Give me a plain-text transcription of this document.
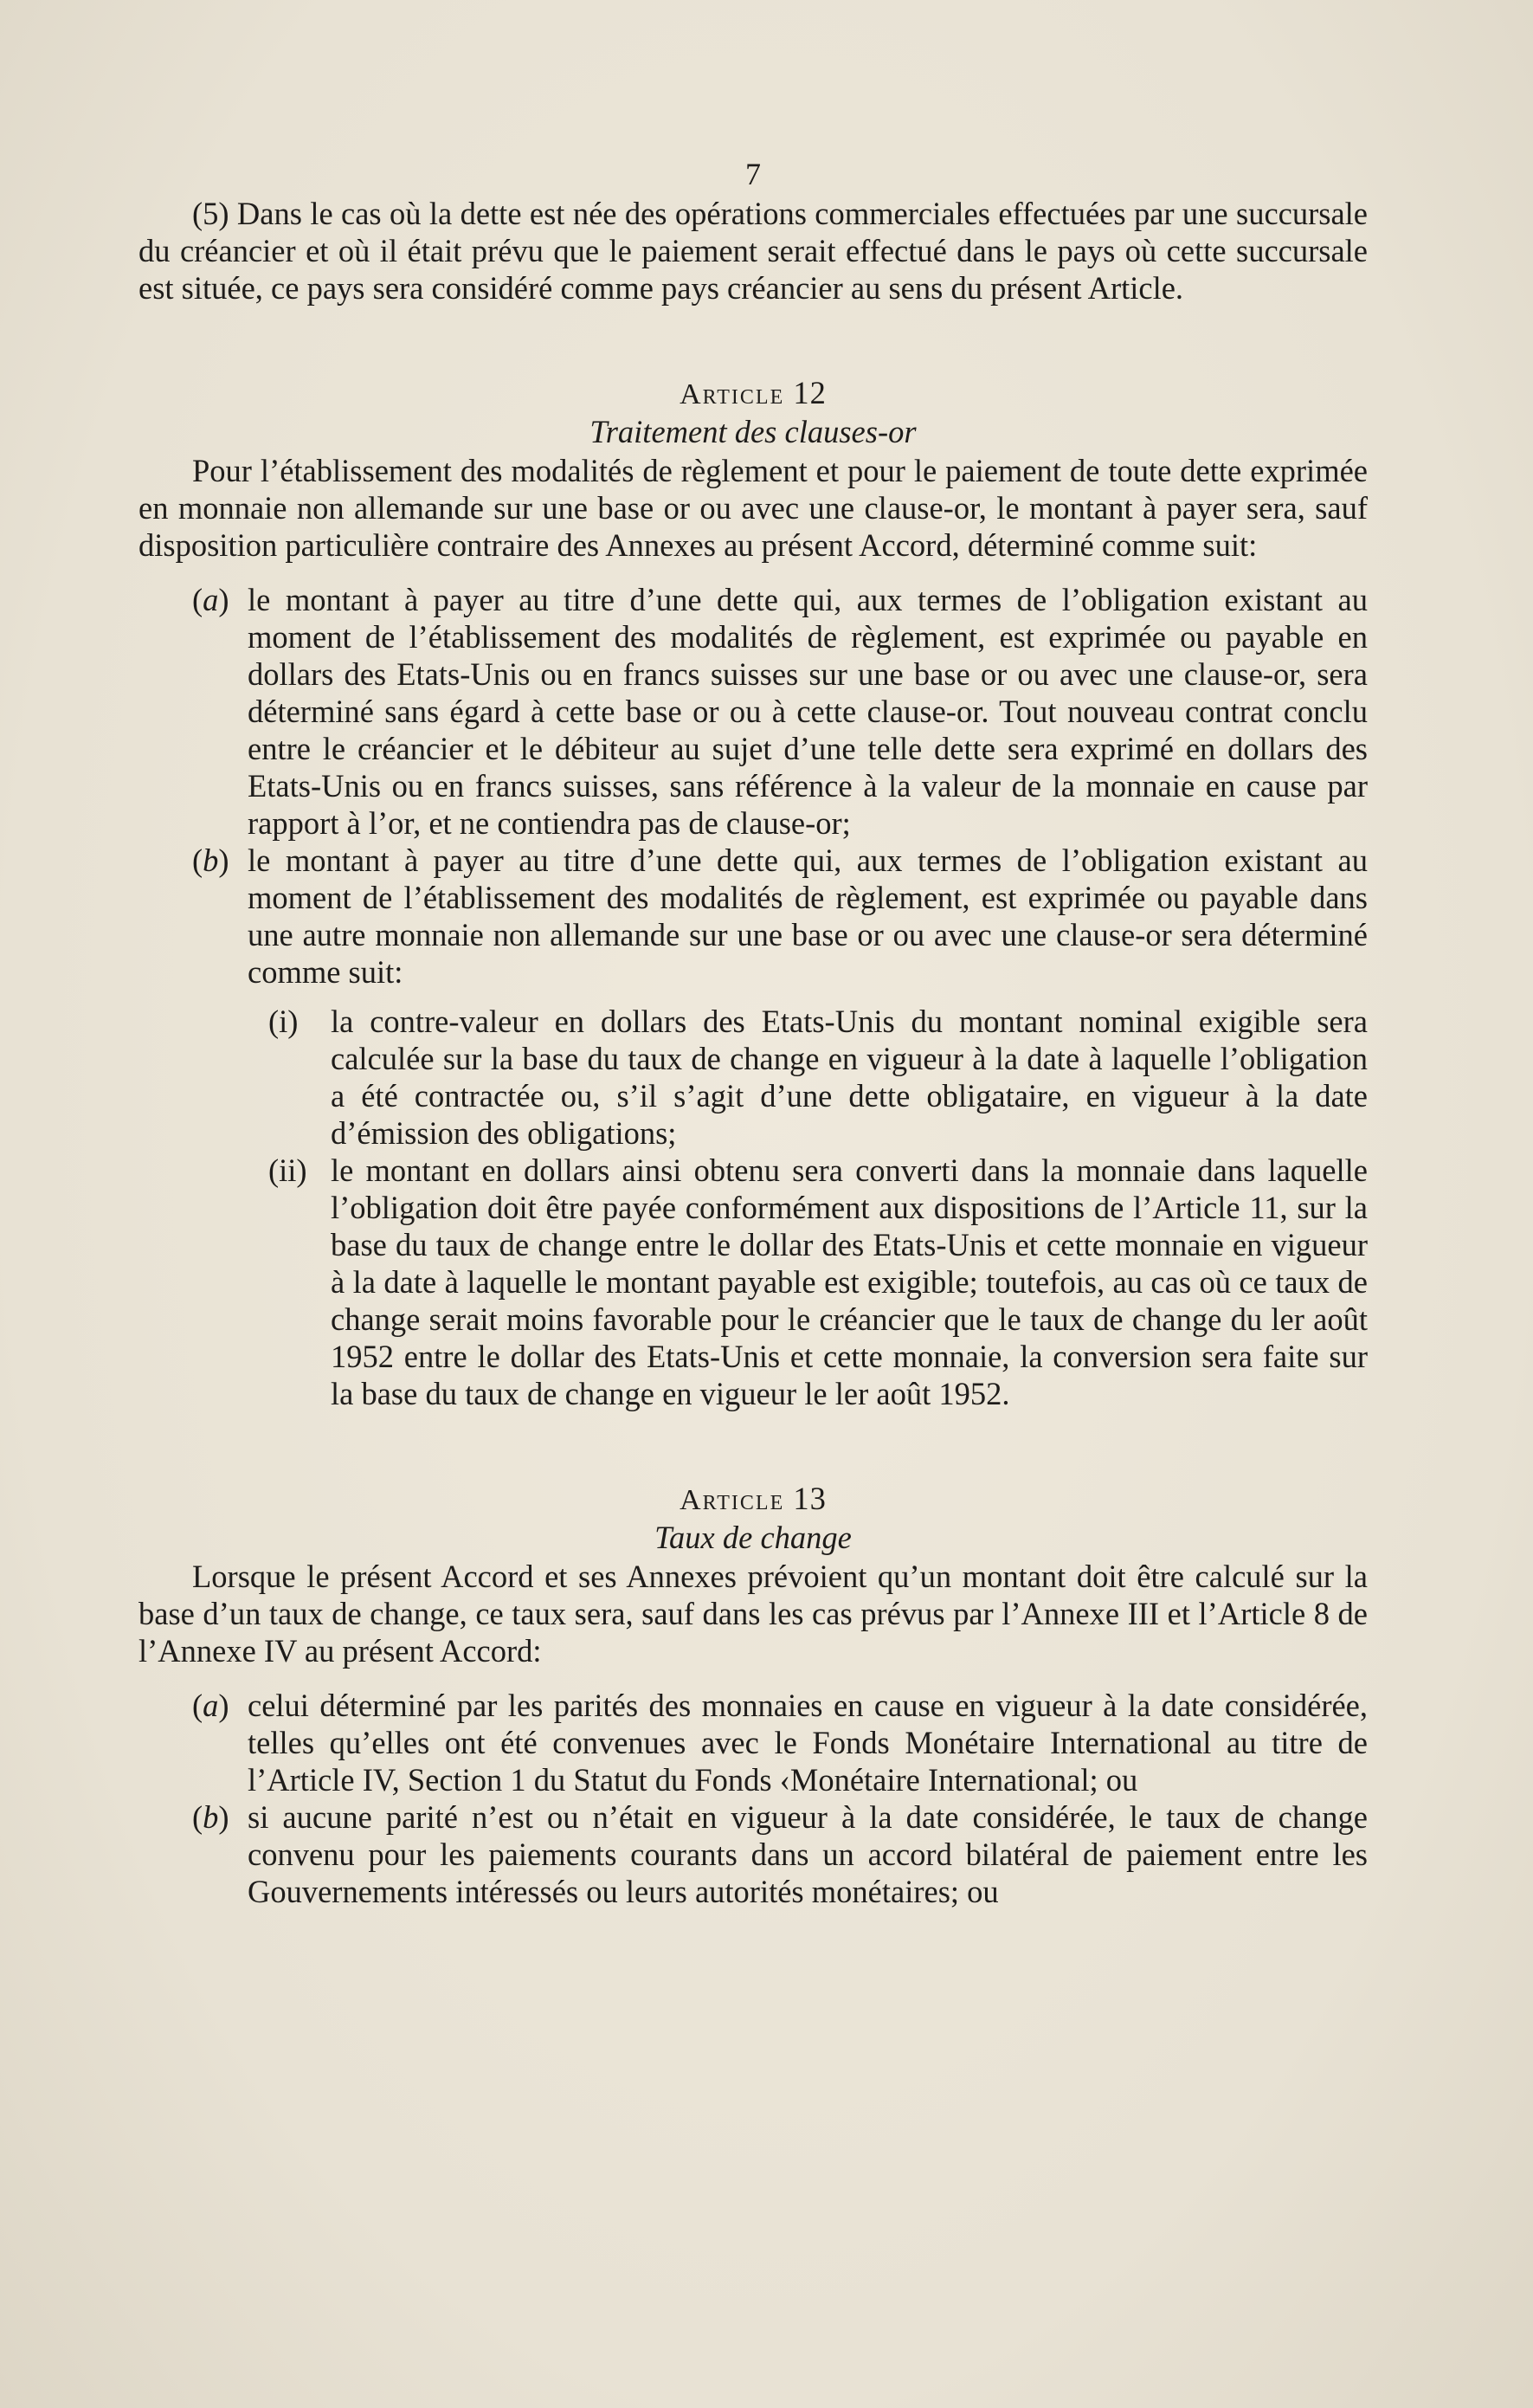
7

(5) Dans le cas où la dette est née des opérations commerciales effectuées par une succursale du créancier et où il était prévu que le paiement serait effectué dans le pays où cette succursale est située, ce pays sera considéré comme pays créancier au sens du présent Article.

Article 12

Traitement des clauses-or

Pour l’établissement des modalités de règlement et pour le paiement de toute dette exprimée en monnaie non allemande sur une base or ou avec une clause-or, le montant à payer sera, sauf disposition particulière contraire des Annexes au présent Accord, déterminé comme suit:

( a ) le montant à payer au titre d’une dette qui, aux termes de l’obligation existant au moment de l’établissement des modalités de règlement, est exprimée ou payable en dollars des Etats-Unis ou en francs suisses sur une base or ou avec une clause-or, sera déterminé sans égard à cette base or ou à cette clause-or. Tout nouveau contrat conclu entre le créancier et le débiteur au sujet d’une telle dette sera exprimé en dollars des Etats-Unis ou en francs suisses, sans référence à la valeur de la monnaie en cause par rapport à l’or, et ne contiendra pas de clause-or;

( b ) le montant à payer au titre d’une dette qui, aux termes de l’obligation existant au moment de l’établissement des modalités de règlement, est exprimée ou payable dans une autre monnaie non allemande sur une base or ou avec une clause-or sera déterminé comme suit:

(i)	la contre-valeur en dollars des Etats-Unis du montant nominal exigible sera calculée sur la base du taux de change en vigueur à la date à laquelle l’obligation a été contractée ou, s’il s’agit d’une dette obligataire, en vigueur à la date d’émission des obligations;

(ii) le montant en dollars ainsi obtenu sera converti dans la monnaie dans laquelle l’obligation doit être payée conformément aux dispositions de l’Article 11, sur la base du taux de change entre le dollar des Etats-Unis et cette monnaie en vigueur à la date à laquelle le montant payable est exigible; toutefois, au cas où ce taux de change serait moins favorable pour le créancier que le taux de change du ler août 1952 entre le dollar des Etats-Unis et cette monnaie, la conversion sera faite sur la base du taux de change en vigueur le ler août 1952.

Article 13

Taux de change

Lorsque le présent Accord et ses Annexes prévoient qu’un montant doit être calculé sur la base d’un taux de change, ce taux sera, sauf dans les cas prévus par l’Annexe III et l’Article 8 de l’Annexe IV au présent Accord:

( a ) celui déterminé par les parités des monnaies en cause en vigueur à la date considérée, telles qu’elles ont été convenues avec le Fonds Monétaire International au titre de l’Article IV, Section 1 du Statut du Fonds ‹Monétaire International; ou

( b ) si aucune parité n’est ou n’était en vigueur à la date considérée, le taux de change convenu pour les paiements courants dans un accord bilatéral de paiement entre les Gouvernements intéressés ou leurs autorités monétaires; ou
